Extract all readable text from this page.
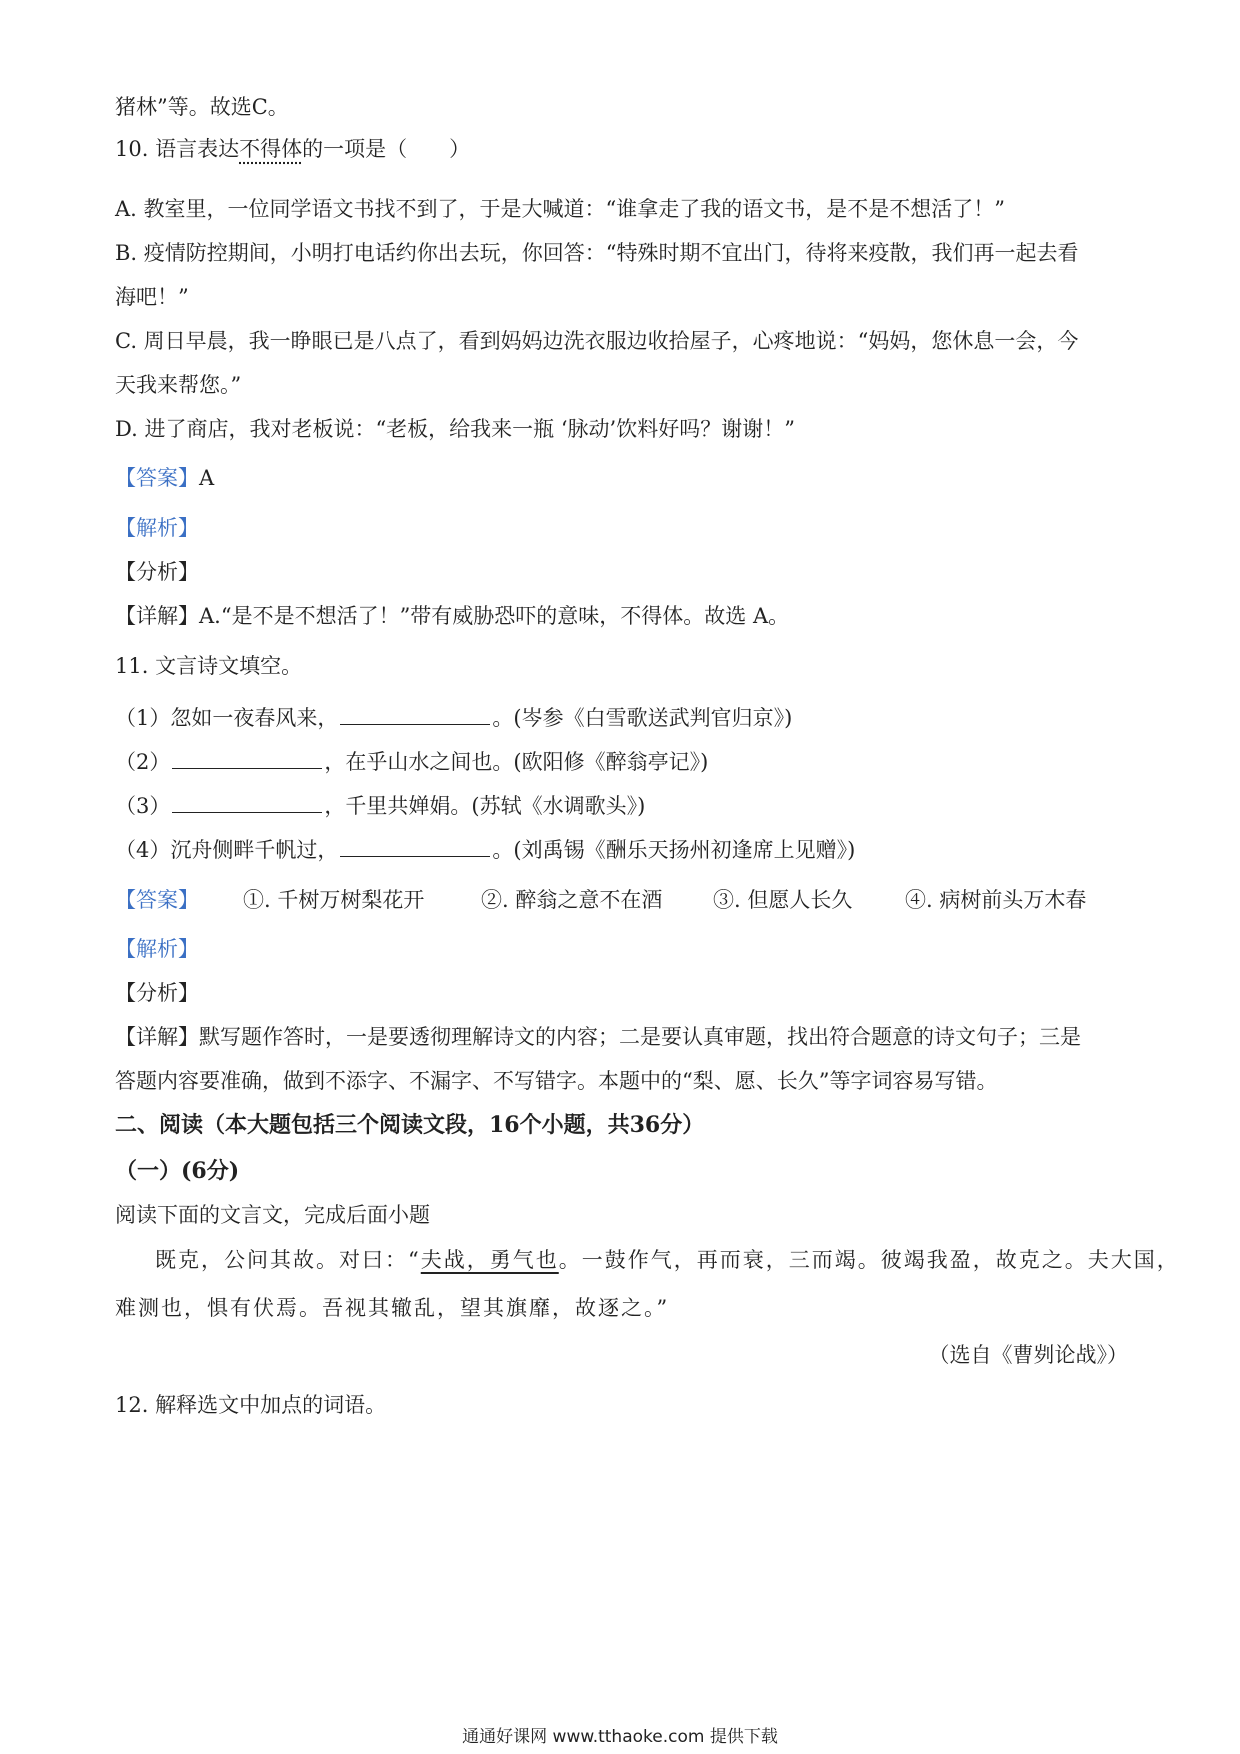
猪林”等。故选C。
10. 语言表达不得体的一项是（　　）
A. 教室里，一位同学语文书找不到了，于是大喊道：“谁拿走了我的语文书，是不是不想活了！”
B. 疫情防控期间，小明打电话约你出去玩，你回答：“特殊时期不宜出门，待将来疫散，我们再一起去看
海吧！”
C. 周日早晨，我一睁眼已是八点了，看到妈妈边洗衣服边收拾屋子，心疼地说：“妈妈，您休息一会，今
天我来帮您。”
D. 进了商店，我对老板说：“老板，给我来一瓶 ‘脉动’饮料好吗？谢谢！”
【答案】A
【解析】
【分析】
【详解】A.“是不是不想活了！”带有威胁恐吓的意味，不得体。故选 A。
11. 文言诗文填空。
（1）忽如一夜春风来，	。(岑参《白雪歌送武判官归京》)
（2）	，在乎山水之间也。(欧阳修《醉翁亭记》)
（3）	，千里共婵娟。(苏轼《水调歌头》)
（4）沉舟侧畔千帆过，	。(刘禹锡《酬乐天扬州初逢席上见赠》)
【答案】 ①. 千树万树梨花开	②. 醉翁之意不在酒 ③. 但愿人长久	④. 病树前头万木春
【解析】
【分析】
【详解】默写题作答时，一是要透彻理解诗文的内容；二是要认真审题，找出符合题意的诗文句子；三是
答题内容要准确，做到不添字、不漏字、不写错字。本题中的“梨、愿、长久”等字词容易写错。
二、阅读（本大题包括三个阅读文段，16个小题，共36分）
（一）(6分)
阅读下面的文言文，完成后面小题
既克，公问其故。对曰：“夫战，勇气也。一鼓作气，再而衰，三而竭。彼竭我盈，故克之。夫大国，
难测也，惧有伏焉。吾视其辙乱，望其旗靡，故逐之。”
（选自《曹刿论战》）
12. 解释选文中加点的词语。
通通好课网 www.tthaoke.com 提供下载
